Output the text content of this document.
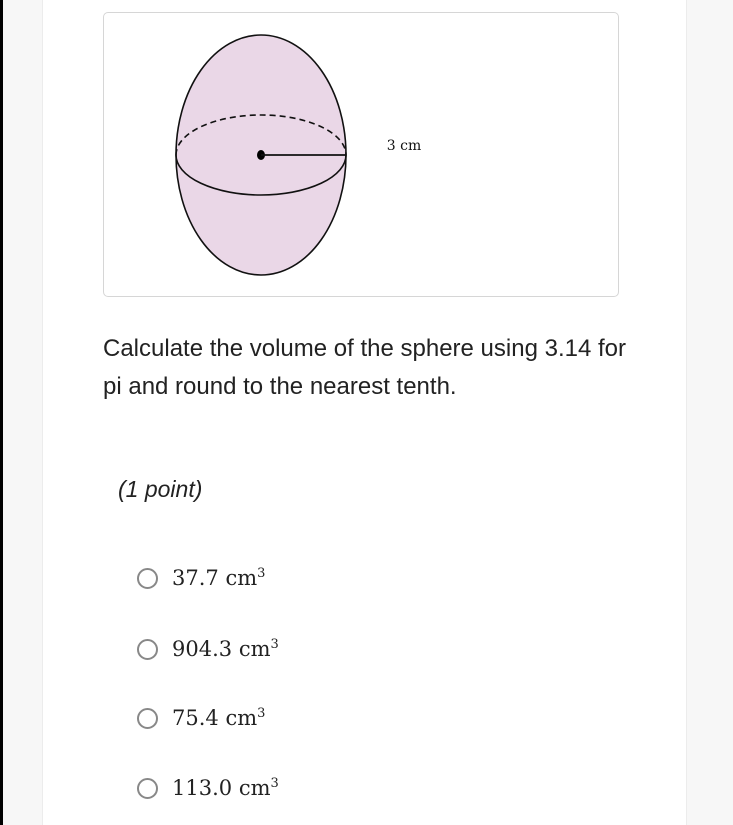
3 cm
Calculate the volume of the sphere using 3.14 for pi and round to the nearest tenth.
(1 point)
37.7 $cm^3$
904.3 $cm^3$
75.4 $cm^3$
113.0 $cm^3$
